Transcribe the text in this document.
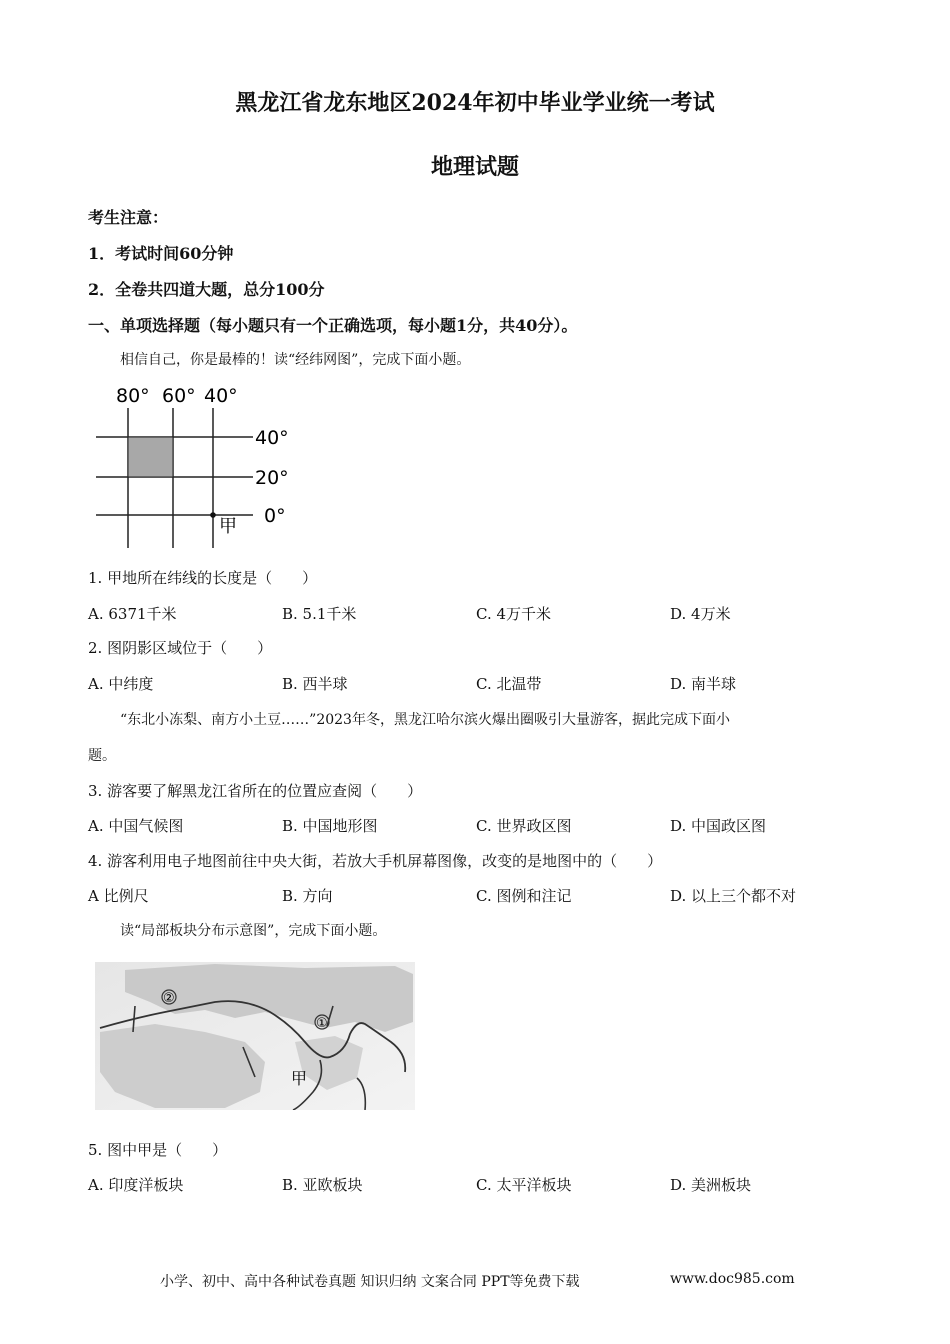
黑龙江省龙东地区2024年初中毕业学业统一考试
地理试题
考生注意：
1．考试时间60分钟
2．全卷共四道大题，总分100分
一、单项选择题（每小题只有一个正确选项，每小题1分，共40分）。
相信自己，你是最棒的！读“经纬网图”，完成下面小题。
80° 60° 40°
40°
20°
0°
甲
1. 甲地所在纬线的长度是（　　）
A. 6371千米	B. 5.1千米	C. 4万千米	D. 4万米
2. 图阴影区域位于（　　）
A. 中纬度	B. 西半球	C. 北温带	D. 南半球
“东北小冻梨、南方小土豆……”2023年冬，黑龙江哈尔滨火爆出圈吸引大量游客，据此完成下面小
题。
3. 游客要了解黑龙江省所在的位置应查阅（　　）
A. 中国气候图	B. 中国地形图	C. 世界政区图	D. 中国政区图
4. 游客利用电子地图前往中央大街，若放大手机屏幕图像，改变的是地图中的（　　）
A 比例尺	B. 方向	C. 图例和注记	D. 以上三个都不对
读“局部板块分布示意图”，完成下面小题。
②
①
甲
5. 图中甲是（　　）
A. 印度洋板块	B. 亚欧板块	C. 太平洋板块	D. 美洲板块
小学、初中、高中各种试卷真题 知识归纳 文案合同 PPT等免费下载	www.doc985.com
